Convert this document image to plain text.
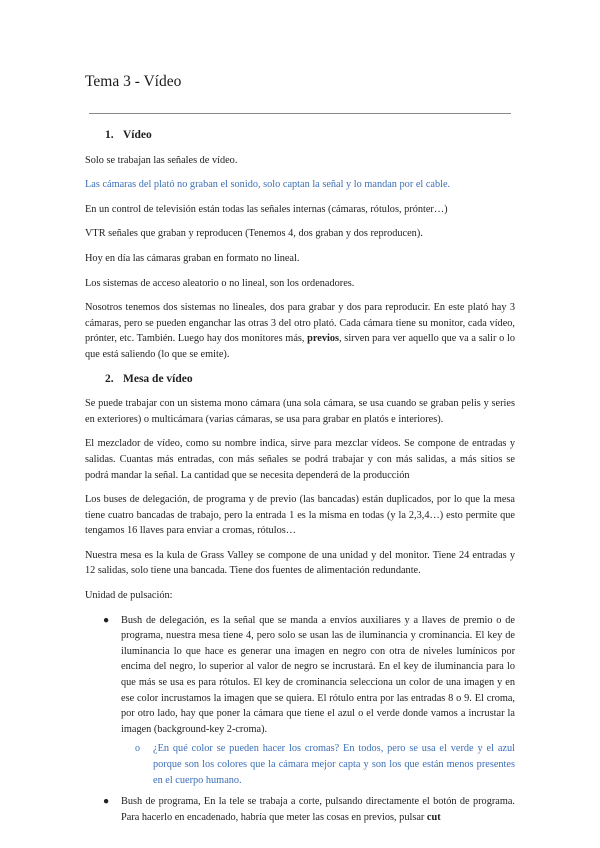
Tema 3 - Vídeo
1. Vídeo

Solo se trabajan las señales de vídeo.

Las cámaras del plató no graban el sonido, solo captan la señal y lo mandan por el cable.

En un control de televisión están todas las señales internas (cámaras, rótulos, prónter…)

VTR señales que graban y reproducen (Tenemos 4, dos graban y dos reproducen).

Hoy en día las cámaras graban en formato no lineal.

Los sistemas de acceso aleatorio o no lineal, son los ordenadores.

Nosotros tenemos dos sistemas no lineales, dos para grabar y dos para reproducir. En este plató hay 3 cámaras, pero se pueden enganchar las otras 3 del otro plató. Cada cámara tiene su monitor, cada vídeo, prónter, etc. También. Luego hay dos monitores más, previos, sirven para ver aquello que va a salir o lo que está saliendo (lo que se emite).

2. Mesa de vídeo

Se puede trabajar con un sistema mono cámara (una sola cámara, se usa cuando se graban pelis y series en exteriores) o multicámara (varias cámaras, se usa para grabar en platós e interiores).

El mezclador de vídeo, como su nombre indica, sirve para mezclar vídeos. Se compone de entradas y salidas. Cuantas más entradas, con más señales se podrá trabajar y con más salidas, a más sitios se podrá mandar la señal. La cantidad que se necesita dependerá de la producción

Los buses de delegación, de programa y de previo (las bancadas) están duplicados, por lo que la mesa tiene cuatro bancadas de trabajo, pero la entrada 1 es la misma en todas (y la 2,3,4…) esto permite que tengamos 16 llaves para enviar a cromas, rótulos…

Nuestra mesa es la kula de Grass Valley se compone de una unidad y del monitor. Tiene 24 entradas y 12 salidas, solo tiene una bancada. Tiene dos fuentes de alimentación redundante.

Unidad de pulsación:

● Bush de delegación, es la señal que se manda a envíos auxiliares y a llaves de premio o de programa, nuestra mesa tiene 4, pero solo se usan las de iluminancia y crominancia. El key de iluminancia lo que hace es generar una imagen en negro con otra de niveles lumínicos por encima del negro, lo superior al valor de negro se incrustará. En el key de iluminancia para lo que más se usa es para rótulos. El key de crominancia selecciona un color de una imagen y en ese color incrustamos la imagen que se quiera. El rótulo entra por las entradas 8 o 9. El croma, por otro lado, hay que poner la cámara que tiene el azul o el verde donde vamos a incrustar la imagen (background-key 2-croma).
o ¿En qué color se pueden hacer los cromas? En todos, pero se usa el verde y el azul porque son los colores que la cámara mejor capta y son los que están menos presentes en el cuerpo humano.
● Bush de programa, En la tele se trabaja a corte, pulsando directamente el botón de programa. Para hacerlo en encadenado, habría que meter las cosas en previos, pulsar cut
